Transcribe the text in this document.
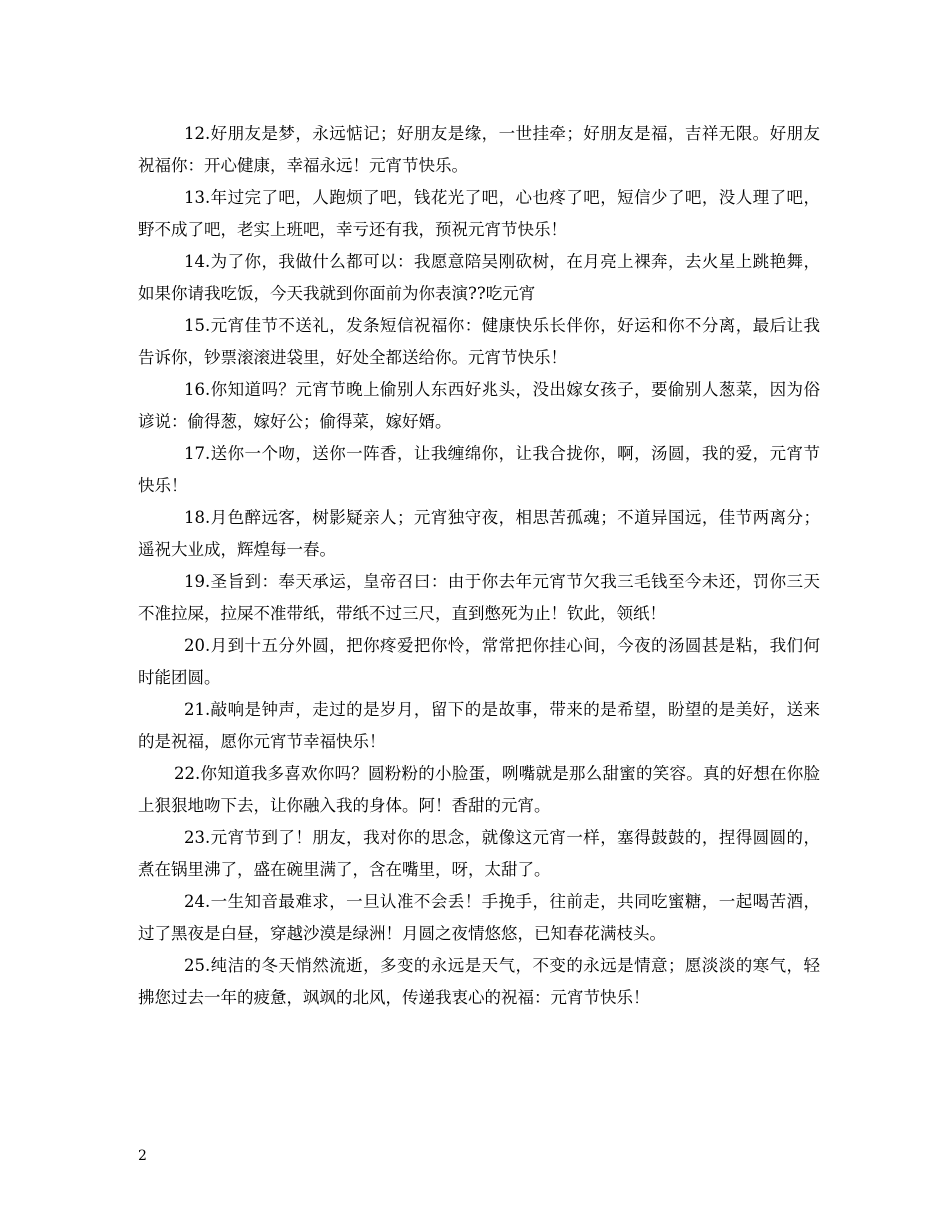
12.好朋友是梦，永远惦记；好朋友是缘，一世挂牵；好朋友是福，吉祥无限。好朋友祝福你：开心健康，幸福永远！元宵节快乐。

13.年过完了吧，人跑烦了吧，钱花光了吧，心也疼了吧，短信少了吧，没人理了吧，野不成了吧，老实上班吧，幸亏还有我，预祝元宵节快乐！

14.为了你，我做什么都可以：我愿意陪吴刚砍树，在月亮上裸奔，去火星上跳艳舞，如果你请我吃饭，今天我就到你面前为你表演??吃元宵

15.元宵佳节不送礼，发条短信祝福你：健康快乐长伴你，好运和你不分离，最后让我告诉你，钞票滚滚进袋里，好处全都送给你。元宵节快乐！

16.你知道吗？元宵节晚上偷别人东西好兆头，没出嫁女孩子，要偷别人葱菜，因为俗谚说：偷得葱，嫁好公；偷得菜，嫁好婿。

17.送你一个吻，送你一阵香，让我缠绵你，让我合拢你，啊，汤圆，我的爱，元宵节快乐！

18.月色醉远客，树影疑亲人；元宵独守夜，相思苦孤魂；不道异国远，佳节两离分；遥祝大业成，辉煌每一春。

19.圣旨到：奉天承运，皇帝召曰：由于你去年元宵节欠我三毛钱至今未还，罚你三天不准拉屎，拉屎不准带纸，带纸不过三尺，直到憋死为止！钦此，领纸！

20.月到十五分外圆，把你疼爱把你怜，常常把你挂心间，今夜的汤圆甚是粘，我们何时能团圆。

21.敲响是钟声，走过的是岁月，留下的是故事，带来的是希望，盼望的是美好，送来的是祝福，愿你元宵节幸福快乐！

22.你知道我多喜欢你吗？圆粉粉的小脸蛋，咧嘴就是那么甜蜜的笑容。真的好想在你脸上狠狠地吻下去，让你融入我的身体。阿！香甜的元宵。

23.元宵节到了！朋友，我对你的思念，就像这元宵一样，塞得鼓鼓的，捏得圆圆的，煮在锅里沸了，盛在碗里满了，含在嘴里，呀，太甜了。

24.一生知音最难求，一旦认准不会丢！手挽手，往前走，共同吃蜜糖，一起喝苦酒，过了黑夜是白昼，穿越沙漠是绿洲！月圆之夜情悠悠，已知春花满枝头。

25.纯洁的冬天悄然流逝，多变的永远是天气，不变的永远是情意；愿淡淡的寒气，轻拂您过去一年的疲惫，飒飒的北风，传递我衷心的祝福：元宵节快乐！

2
